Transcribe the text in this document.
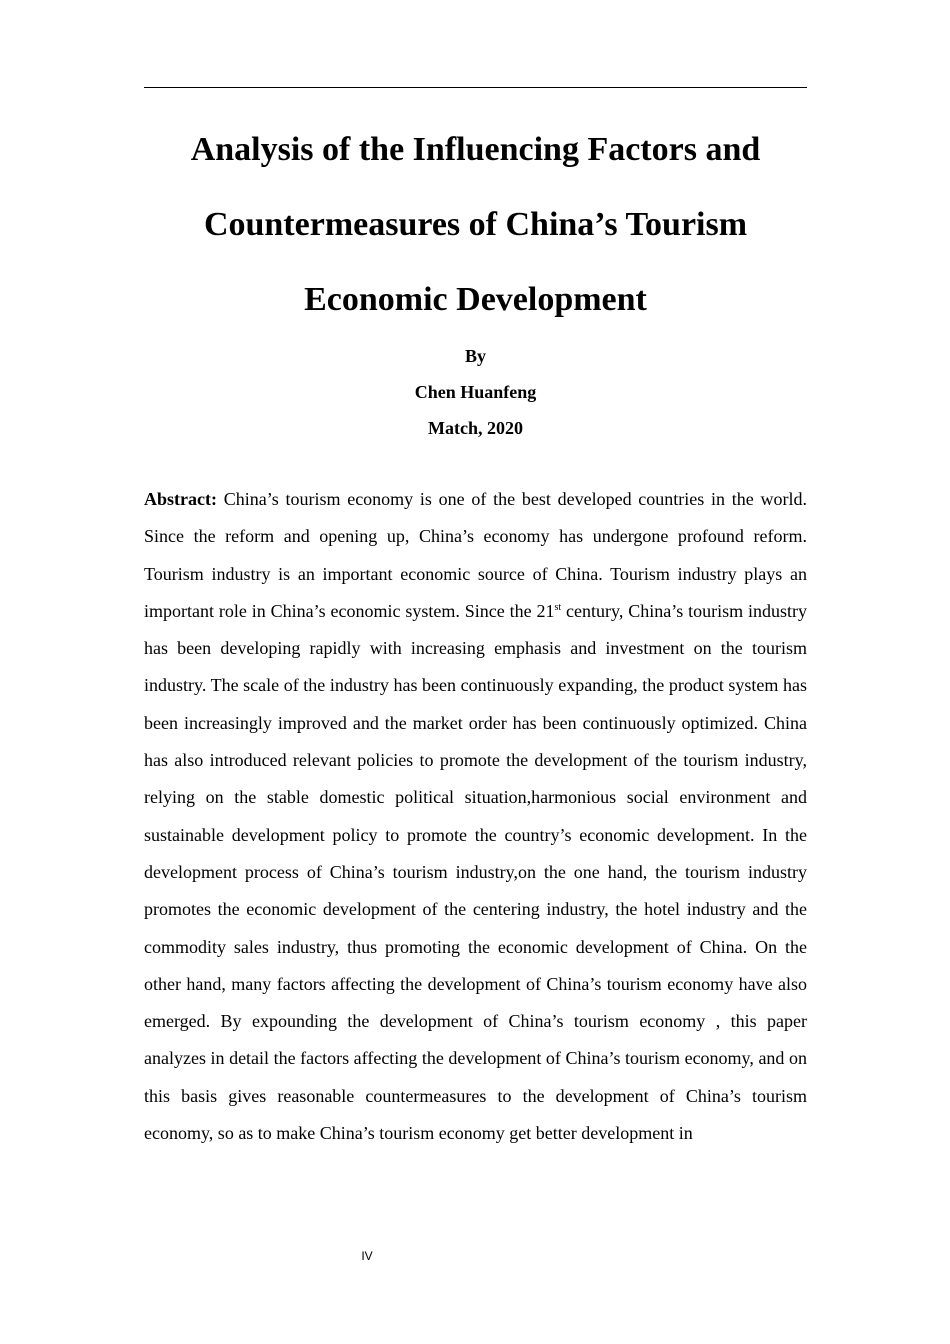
Analysis of the Influencing Factors and
Countermeasures of China’s Tourism
Economic Development
By
Chen Huanfeng
Match, 2020

Abstract: China’s tourism economy is one of the best developed countries in the world. Since the reform and opening up, China’s economy has undergone profound reform. Tourism industry is an important economic source of China. Tourism industry plays an important role in China’s economic system. Since the 21st century, China’s tourism industry has been developing rapidly with increasing emphasis and investment on the tourism industry. The scale of the industry has been continuously expanding, the product system has been increasingly improved and the market order has been continuously optimized. China has also introduced relevant policies to promote the development of the tourism industry, relying on the stable domestic political situation,harmonious social environment and sustainable development policy to promote the country’s economic development. In the development process of China’s tourism industry,on the one hand, the tourism industry promotes the economic development of the centering industry, the hotel industry and the commodity sales industry, thus promoting the economic development of China. On the other hand, many factors affecting the development of China’s tourism economy have also emerged. By expounding the development of China’s tourism economy , this paper analyzes in detail the factors affecting the development of China’s tourism economy, and on this basis gives reasonable countermeasures to the development of China’s tourism economy, so as to make China’s tourism economy get better development in

IV
